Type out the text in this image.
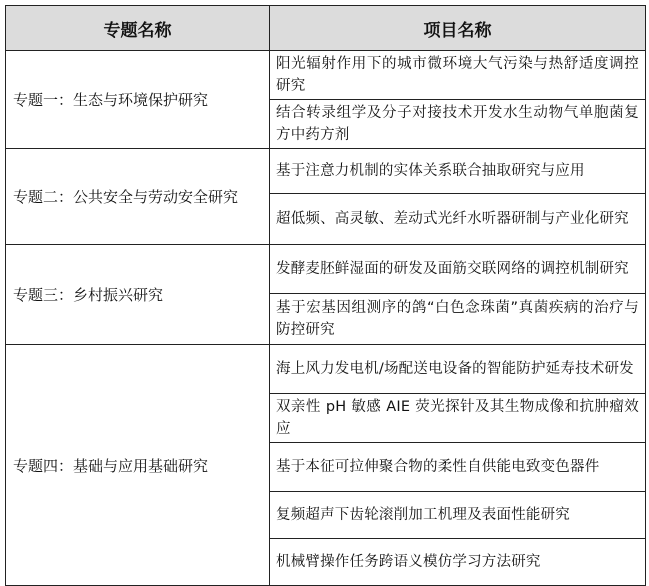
专题名称	项目名称
专题一：生态与环境保护研究	阳光辐射作用下的城市微环境大气污染与热舒适度调控研究
	结合转录组学及分子对接技术开发水生动物气单胞菌复方中药方剂
专题二：公共安全与劳动安全研究	基于注意力机制的实体关系联合抽取研究与应用
	超低频、高灵敏、差动式光纤水听器研制与产业化研究
专题三：乡村振兴研究	发酵麦胚鲜湿面的研发及面筋交联网络的调控机制研究
	基于宏基因组测序的鸽“白色念珠菌”真菌疾病的治疗与防控研究
专题四：基础与应用基础研究	海上风力发电机/场配送电设备的智能防护延寿技术研发
	双亲性 pH 敏感 AIE 荧光探针及其生物成像和抗肿瘤效应
	基于本征可拉伸聚合物的柔性自供能电致变色器件
	复频超声下齿轮滚削加工机理及表面性能研究
	机械臂操作任务跨语义模仿学习方法研究
